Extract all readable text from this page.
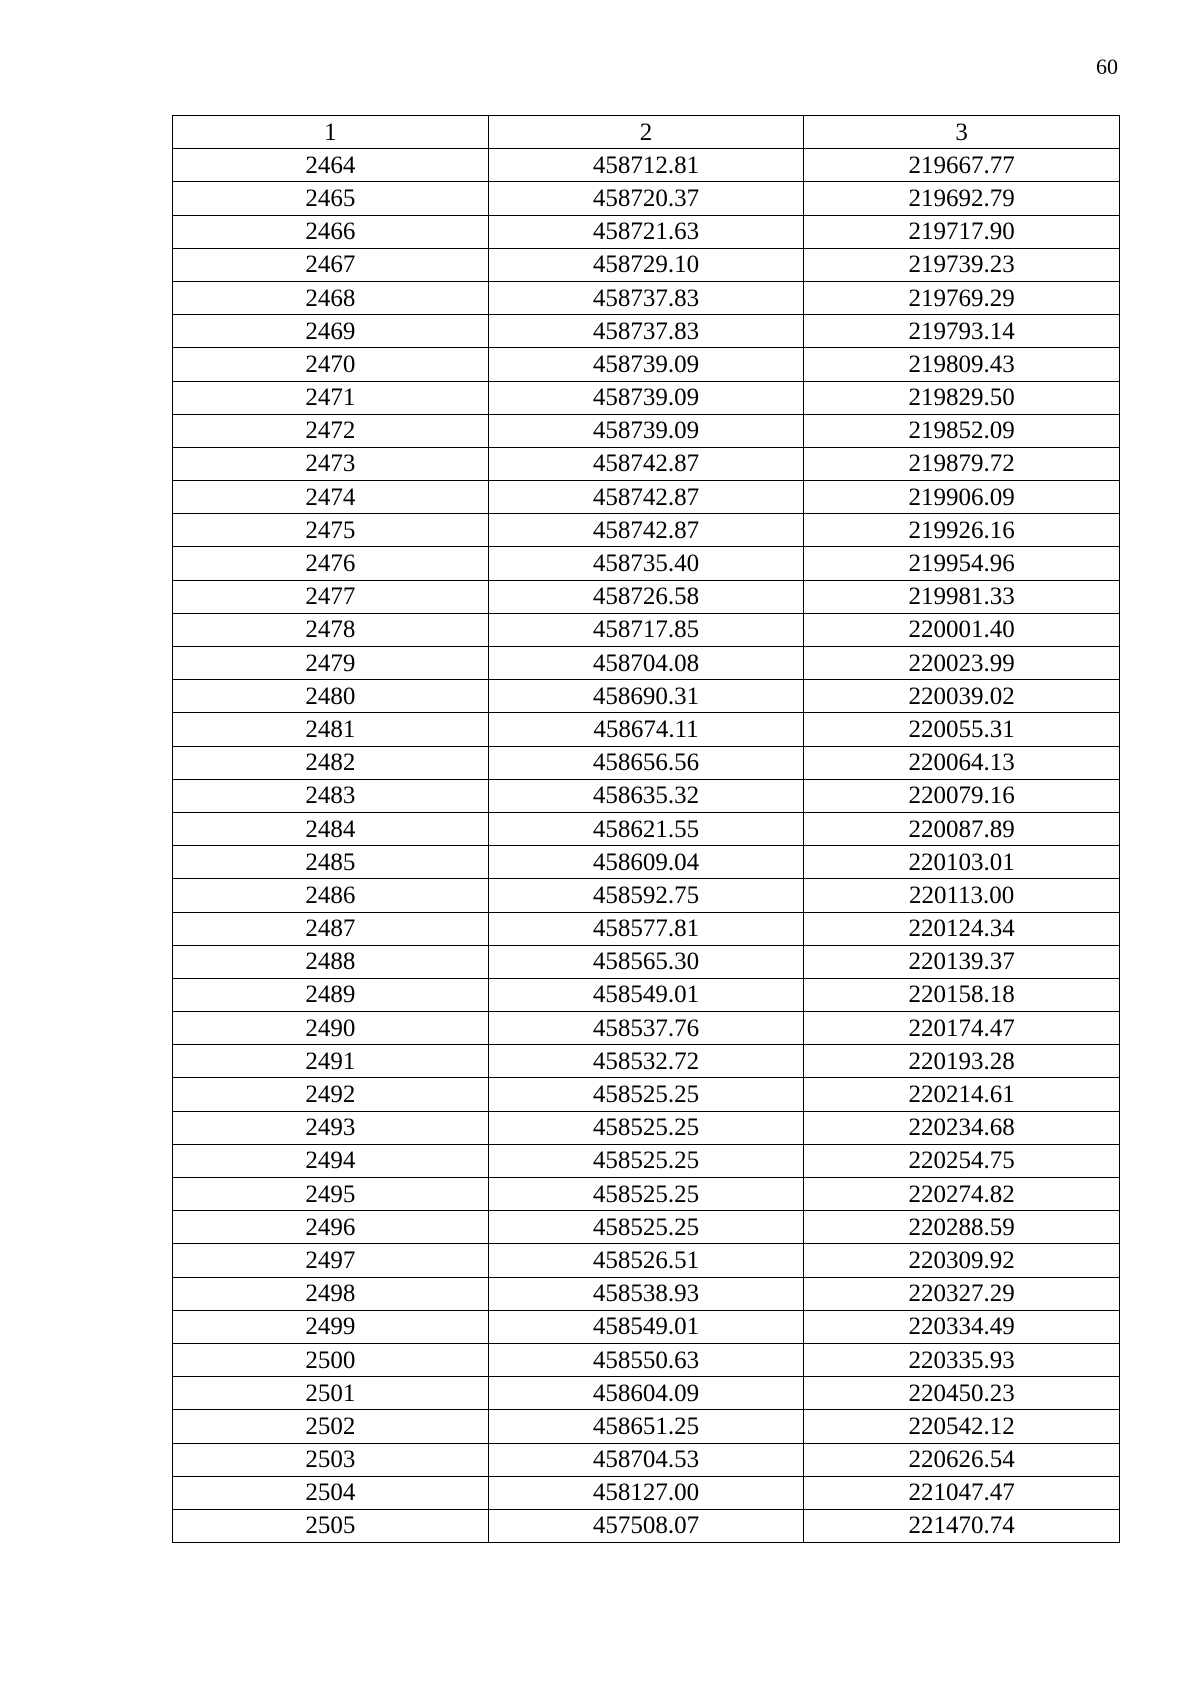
60
1	2	3
2464	458712.81	219667.77
2465	458720.37	219692.79
2466	458721.63	219717.90
2467	458729.10	219739.23
2468	458737.83	219769.29
2469	458737.83	219793.14
2470	458739.09	219809.43
2471	458739.09	219829.50
2472	458739.09	219852.09
2473	458742.87	219879.72
2474	458742.87	219906.09
2475	458742.87	219926.16
2476	458735.40	219954.96
2477	458726.58	219981.33
2478	458717.85	220001.40
2479	458704.08	220023.99
2480	458690.31	220039.02
2481	458674.11	220055.31
2482	458656.56	220064.13
2483	458635.32	220079.16
2484	458621.55	220087.89
2485	458609.04	220103.01
2486	458592.75	220113.00
2487	458577.81	220124.34
2488	458565.30	220139.37
2489	458549.01	220158.18
2490	458537.76	220174.47
2491	458532.72	220193.28
2492	458525.25	220214.61
2493	458525.25	220234.68
2494	458525.25	220254.75
2495	458525.25	220274.82
2496	458525.25	220288.59
2497	458526.51	220309.92
2498	458538.93	220327.29
2499	458549.01	220334.49
2500	458550.63	220335.93
2501	458604.09	220450.23
2502	458651.25	220542.12
2503	458704.53	220626.54
2504	458127.00	221047.47
2505	457508.07	221470.74
